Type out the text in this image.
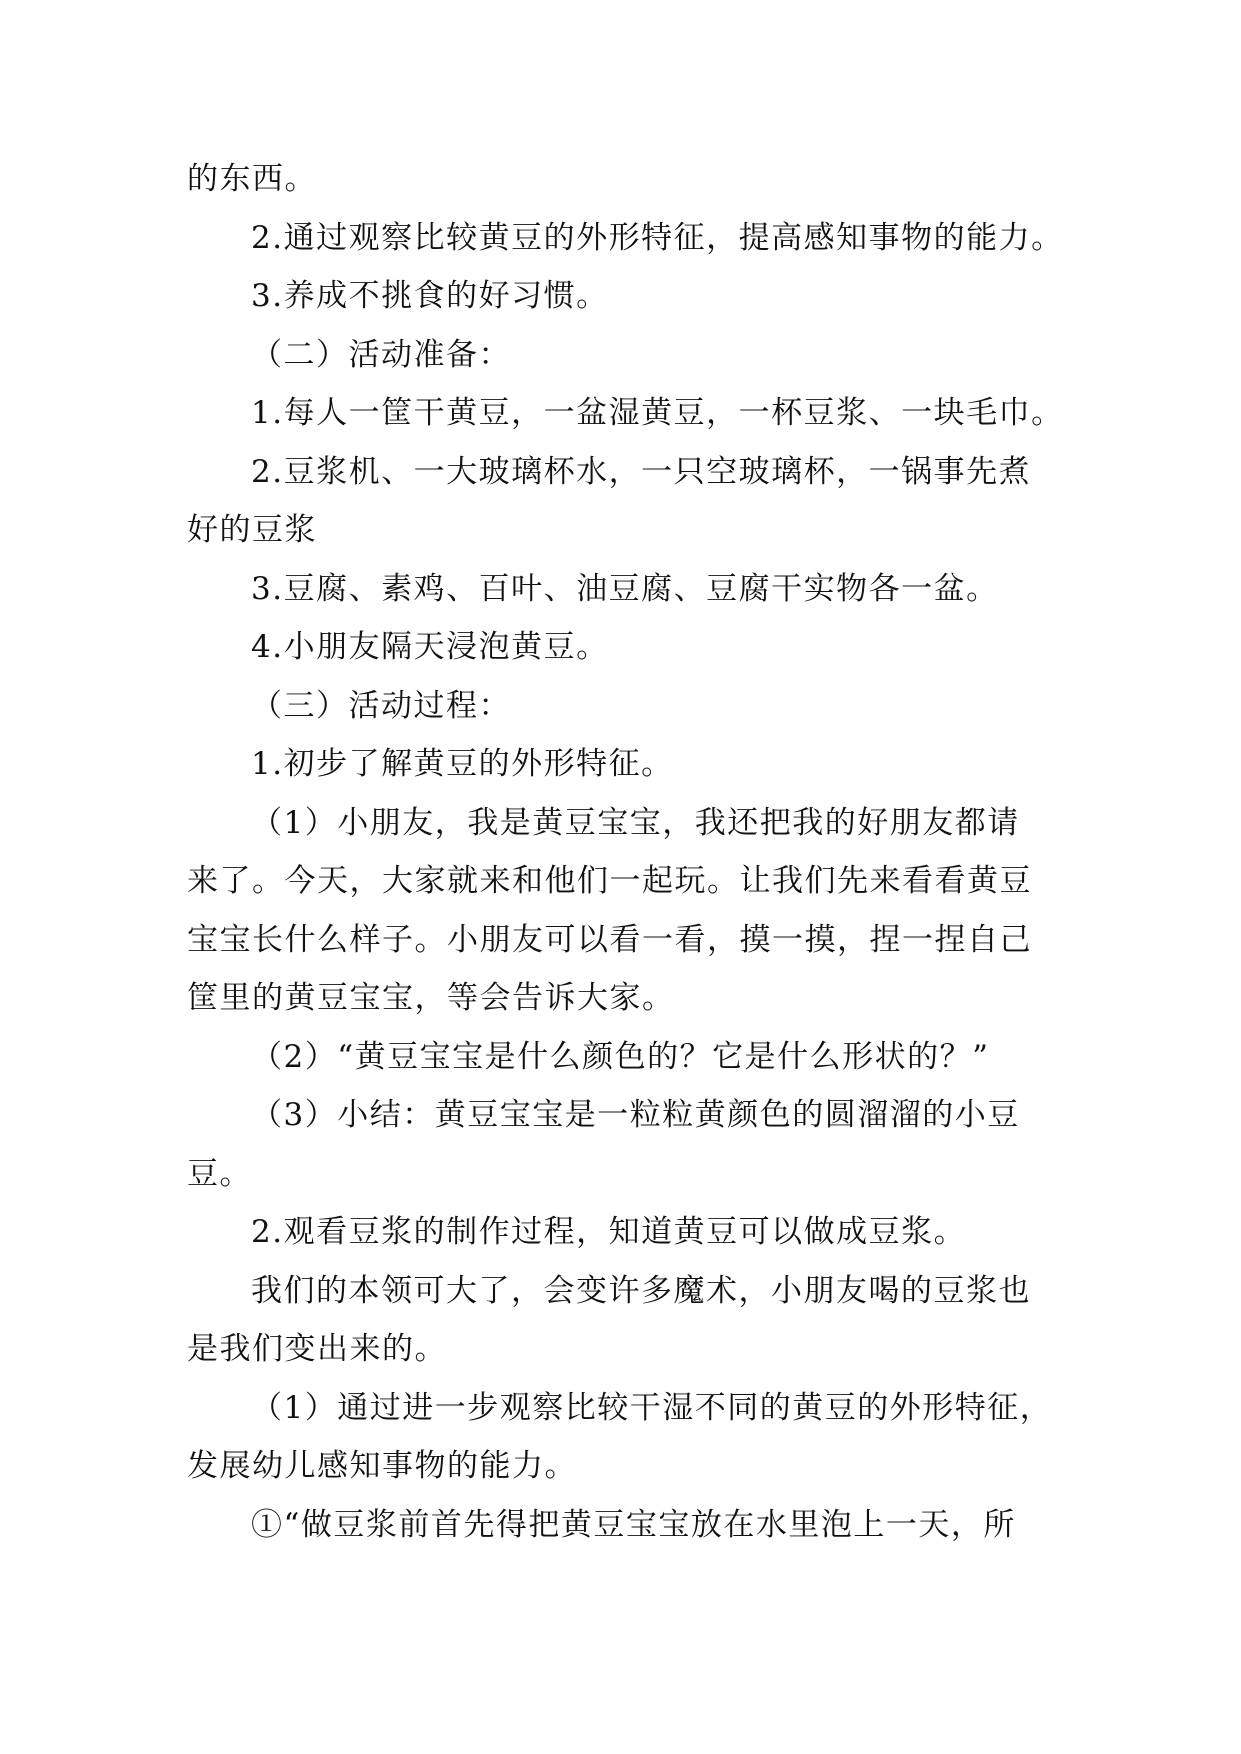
的东西。
2.通过观察比较黄豆的外形特征，提高感知事物的能力。
3.养成不挑食的好习惯。
（二）活动准备：
1.每人一筐干黄豆，一盆湿黄豆，一杯豆浆、一块毛巾。
2.豆浆机、一大玻璃杯水，一只空玻璃杯，一锅事先煮
好的豆浆
3.豆腐、素鸡、百叶、油豆腐、豆腐干实物各一盆。
4.小朋友隔天浸泡黄豆。
（三）活动过程：
1.初步了解黄豆的外形特征。
（1）小朋友，我是黄豆宝宝，我还把我的好朋友都请
来了。今天，大家就来和他们一起玩。让我们先来看看黄豆
宝宝长什么样子。小朋友可以看一看，摸一摸，捏一捏自己
筐里的黄豆宝宝，等会告诉大家。
（2）“黄豆宝宝是什么颜色的？它是什么形状的？”
（3）小结：黄豆宝宝是一粒粒黄颜色的圆溜溜的小豆
豆。
2.观看豆浆的制作过程，知道黄豆可以做成豆浆。
我们的本领可大了，会变许多魔术，小朋友喝的豆浆也
是我们变出来的。
（1）通过进一步观察比较干湿不同的黄豆的外形特征，
发展幼儿感知事物的能力。
①“做豆浆前首先得把黄豆宝宝放在水里泡上一天，所
